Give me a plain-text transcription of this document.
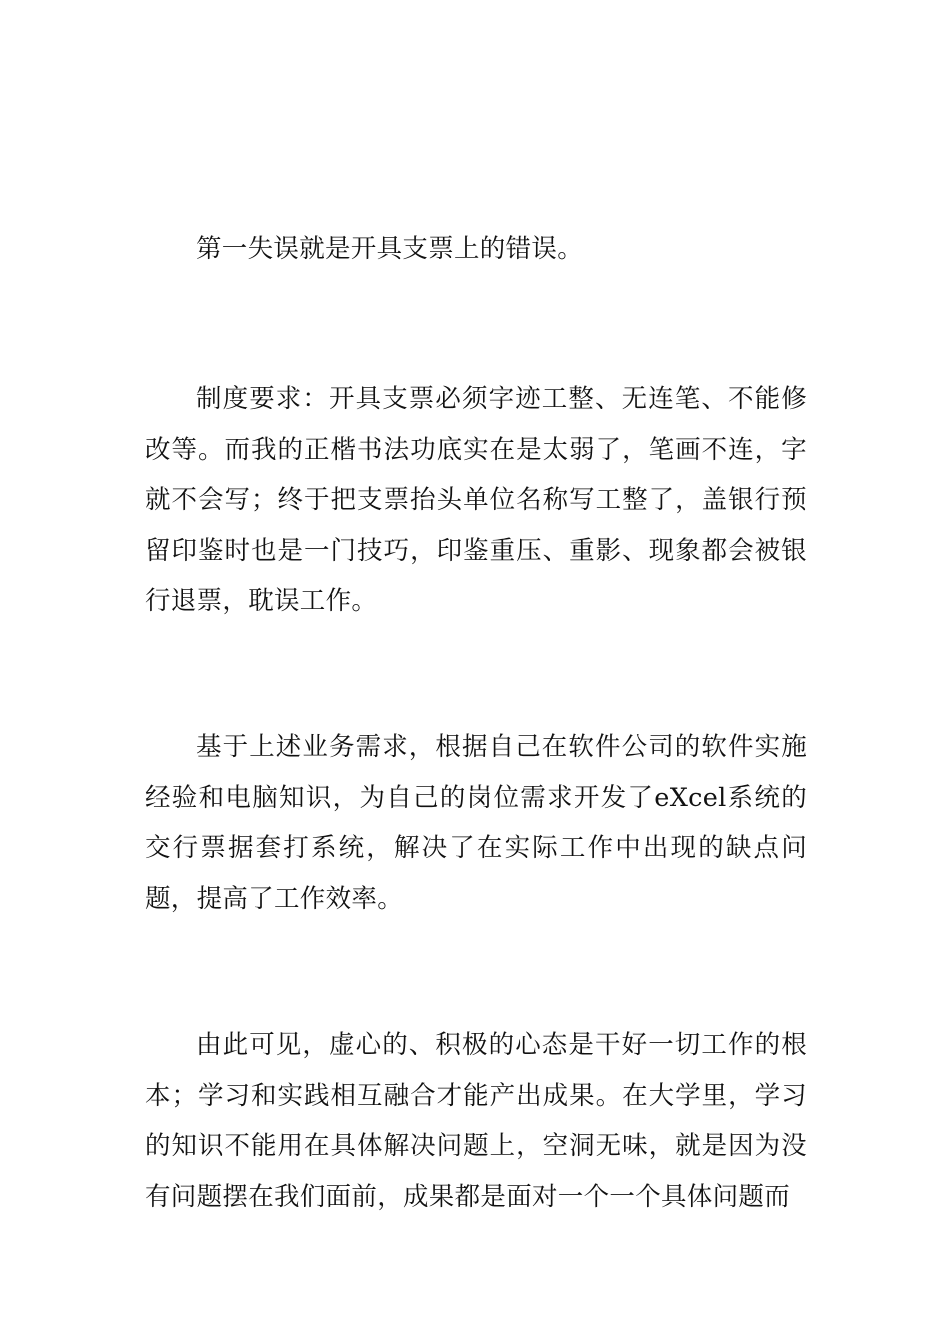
第一失误就是开具支票上的错误。

制度要求：开具支票必须字迹工整、无连笔、不能修改等。而我的正楷书法功底实在是太弱了，笔画不连，字就不会写；终于把支票抬头单位名称写工整了，盖银行预留印鉴时也是一门技巧，印鉴重压、重影、现象都会被银行退票，耽误工作。

基于上述业务需求，根据自己在软件公司的软件实施经验和电脑知识，为自己的岗位需求开发了eXcel系统的交行票据套打系统，解决了在实际工作中出现的缺点问题，提高了工作效率。

由此可见，虚心的、积极的心态是干好一切工作的根本；学习和实践相互融合才能产出成果。在大学里，学习的知识不能用在具体解决问题上，空洞无味，就是因为没有问题摆在我们面前，成果都是面对一个一个具体问题而
